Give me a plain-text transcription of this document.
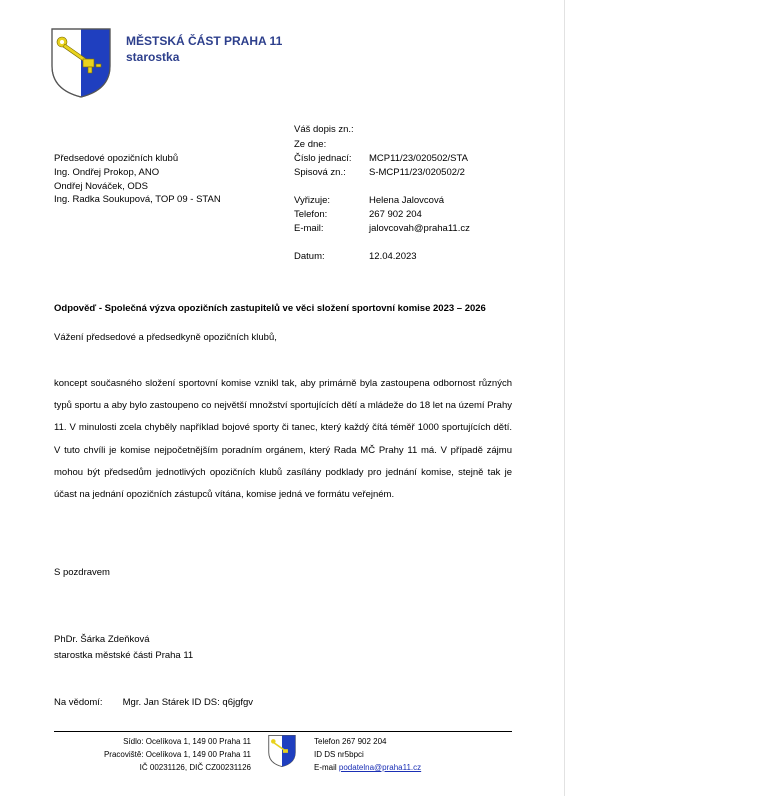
MĚSTSKÁ ČÁST PRAHA 11
starostka
Předsedové opozičních klubů
Ing. Ondřej Prokop, ANO
Ondřej Nováček, ODS
Ing. Radka Soukupová, TOP 09 - STAN
Váš dopis zn.:
Ze dne:
Číslo jednací: MCP11/23/020502/STA
Spisová zn.: S-MCP11/23/020502/2
Vyřizuje:	Helena Jalovcová
Telefon:	267 902 204
E-mail:	jalovcovah@praha11.cz
Datum:	12.04.2023
Odpověď - Společná výzva opozičních zastupitelů ve věci složení sportovní komise 2023 – 2026
Vážení předsedové a předsedkyně opozičních klubů,
koncept současného složení sportovní komise vznikl tak, aby primárně byla zastoupena odbornost různých typů sportu a aby bylo zastoupeno co největší množství sportujících dětí a mládeže do 18 let na území Prahy 11. V minulosti zcela chyběly například bojové sporty či tanec, který každý čítá téměř 1000 sportujících dětí. V tuto chvíli je komise nejpočetnějším poradním orgánem, který Rada MČ Prahy 11 má. V případě zájmu mohou být předsedům jednotlivých opozičních klubů zasílány podklady pro jednání komise, stejně tak je účast na jednání opozičních zástupců vítána, komise jedná ve formátu veřejném.
S pozdravem
PhDr. Šárka Zdeňková
starostka městské části Praha 11
Na vědomí: Mgr. Jan Stárek ID DS: q6jgfgv
Sídlo: Ocelíkova 1, 149 00 Praha 11
Pracoviště: Ocelíkova 1, 149 00 Praha 11
IČ 00231126, DIČ CZ00231126
Telefon 267 902 204
ID DS nr5bpci
E-mail podatelna@praha11.cz
